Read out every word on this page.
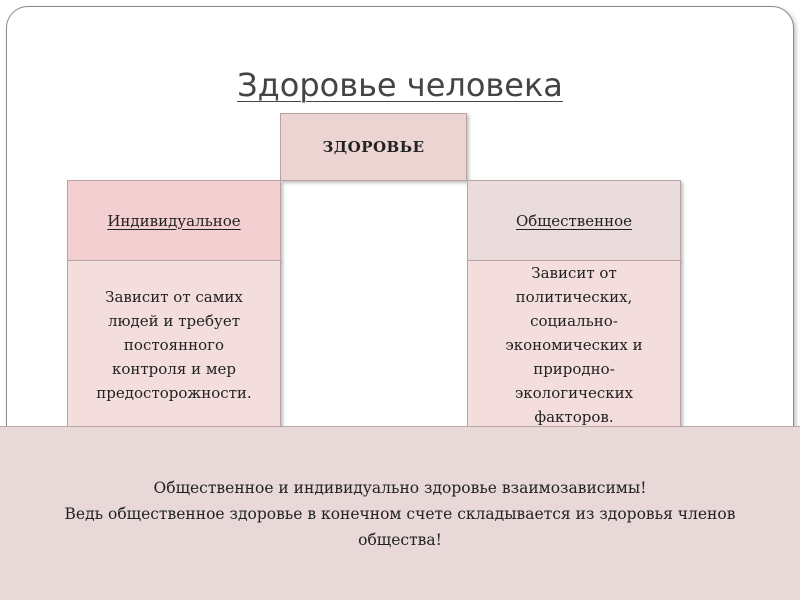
Здоровье человека
ЗДОРОВЬЕ
Индивидуальное	Общественное
Зависит от самих
людей и требует
постоянного
контроля и мер
предосторожности.
Зависит от
политических,
социально-
экономических и
природно-
экологических
факторов.
Общественное и индивидуально здоровье взаимозависимы!
Ведь общественное здоровье в конечном счете складывается из здоровья членов
общества!
